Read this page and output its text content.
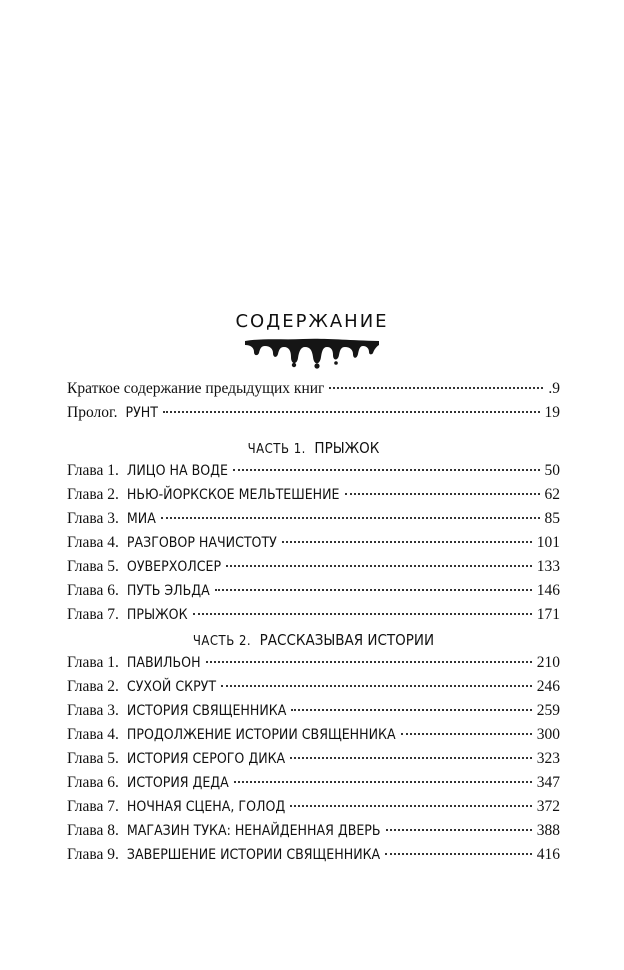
СОДЕРЖАНИЕ
Краткое содержание предыдущих книг	.9
Пролог. РУНТ	19
ЧАСТЬ 1. ПРЫЖОК
Глава 1. ЛИЦО НА ВОДЕ	50
Глава 2. НЬЮ-ЙОРКСКОЕ МЕЛЬТЕШЕНИЕ	62
Глава 3. МИА	85
Глава 4. РАЗГОВОР НАЧИСТОТУ	101
Глава 5. ОУВЕРХОЛСЕР	133
Глава 6. ПУТЬ ЭЛЬДА	146
Глава 7. ПРЫЖОК	171
ЧАСТЬ 2. РАССКАЗЫВАЯ ИСТОРИИ
Глава 1. ПАВИЛЬОН	210
Глава 2. СУХОЙ СКРУТ	246
Глава 3. ИСТОРИЯ СВЯЩЕННИКА	259
Глава 4. ПРОДОЛЖЕНИЕ ИСТОРИИ СВЯЩЕННИКА	300
Глава 5. ИСТОРИЯ СЕРОГО ДИКА	323
Глава 6. ИСТОРИЯ ДЕДА	347
Глава 7. НОЧНАЯ СЦЕНА, ГОЛОД	372
Глава 8. МАГАЗИН ТУКА: НЕНАЙДЕННАЯ ДВЕРЬ	388
Глава 9. ЗАВЕРШЕНИЕ ИСТОРИИ СВЯЩЕННИКА	416
